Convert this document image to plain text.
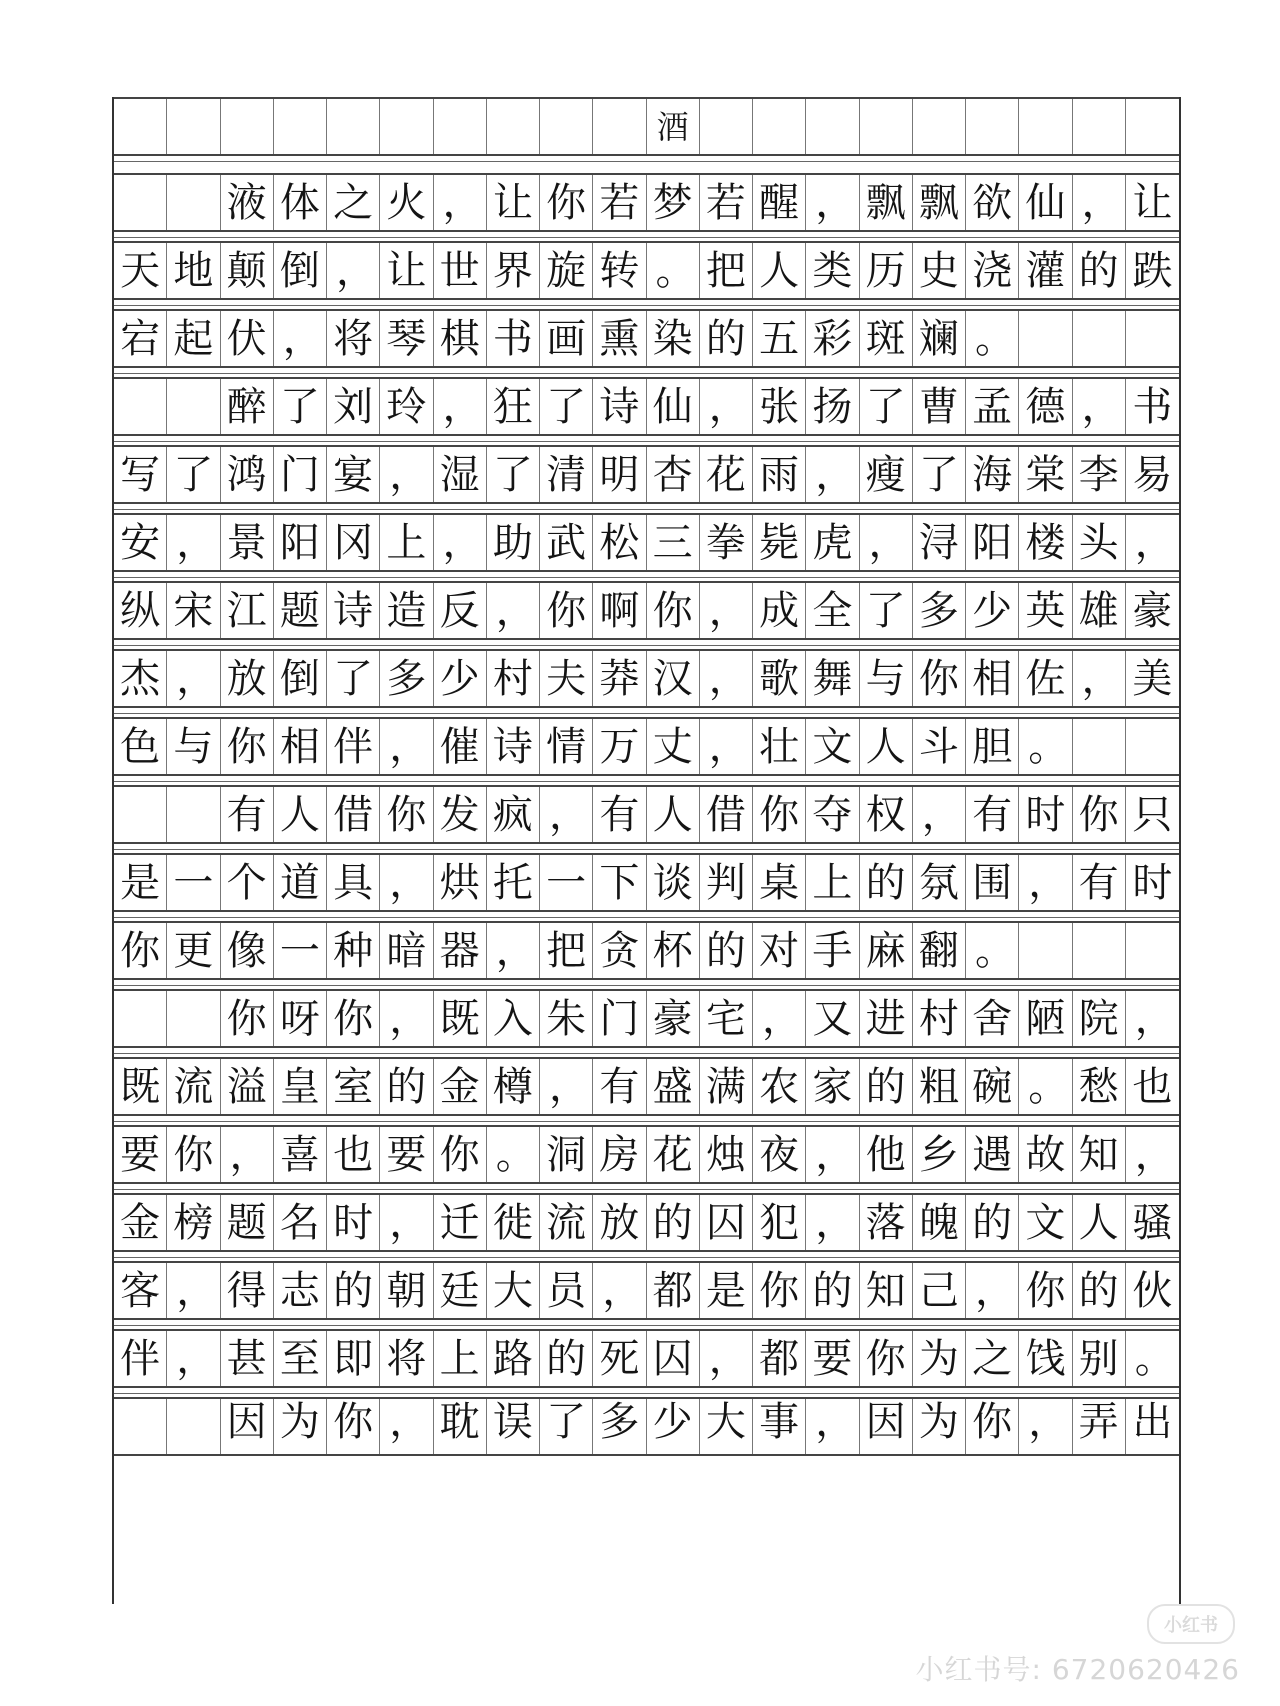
酒
液 体 之 火 ， 让 你 若 梦 若 醒 ， 飘 飘 欲 仙 ， 让
天 地 颠 倒 ， 让 世 界 旋 转 。 把 人 类 历 史 浇 灌 的 跌
宕 起 伏 ， 将 琴 棋 书 画 熏 染 的 五 彩 斑 斓 。
醉 了 刘 玲 ， 狂 了 诗 仙 ， 张 扬 了 曹 孟 德 ， 书
写 了 鸿 门 宴 ， 湿 了 清 明 杏 花 雨 ， 瘦 了 海 棠 李 易
安 ， 景 阳 冈 上 ， 助 武 松 三 拳 毙 虎 ， 浔 阳 楼 头 ，
纵 宋 江 题 诗 造 反 ， 你 啊 你 ， 成 全 了 多 少 英 雄 豪
杰 ， 放 倒 了 多 少 村 夫 莽 汉 ， 歌 舞 与 你 相 佐 ， 美
色 与 你 相 伴 ， 催 诗 情 万 丈 ， 壮 文 人 斗 胆 。
有 人 借 你 发 疯 ， 有 人 借 你 夺 权 ， 有 时 你 只
是 一 个 道 具 ， 烘 托 一 下 谈 判 桌 上 的 氛 围 ， 有 时
你 更 像 一 种 暗 器 ， 把 贪 杯 的 对 手 麻 翻 。
你 呀 你 ， 既 入 朱 门 豪 宅 ， 又 进 村 舍 陋 院 ，
既 流 溢 皇 室 的 金 樽 ， 有 盛 满 农 家 的 粗 碗 。 愁 也
要 你 ， 喜 也 要 你 。 洞 房 花 烛 夜 ， 他 乡 遇 故 知 ，
金 榜 题 名 时 ， 迁 徙 流 放 的 囚 犯 ， 落 魄 的 文 人 骚
客 ， 得 志 的 朝 廷 大 员 ， 都 是 你 的 知 己 ， 你 的 伙
伴 ， 甚 至 即 将 上 路 的 死 囚 ， 都 要 你 为 之 饯 别 。
因 为 你 ， 耽 误 了 多 少 大 事 ， 因 为 你 ， 弄 出
小红书
小红书号: 6720620426
